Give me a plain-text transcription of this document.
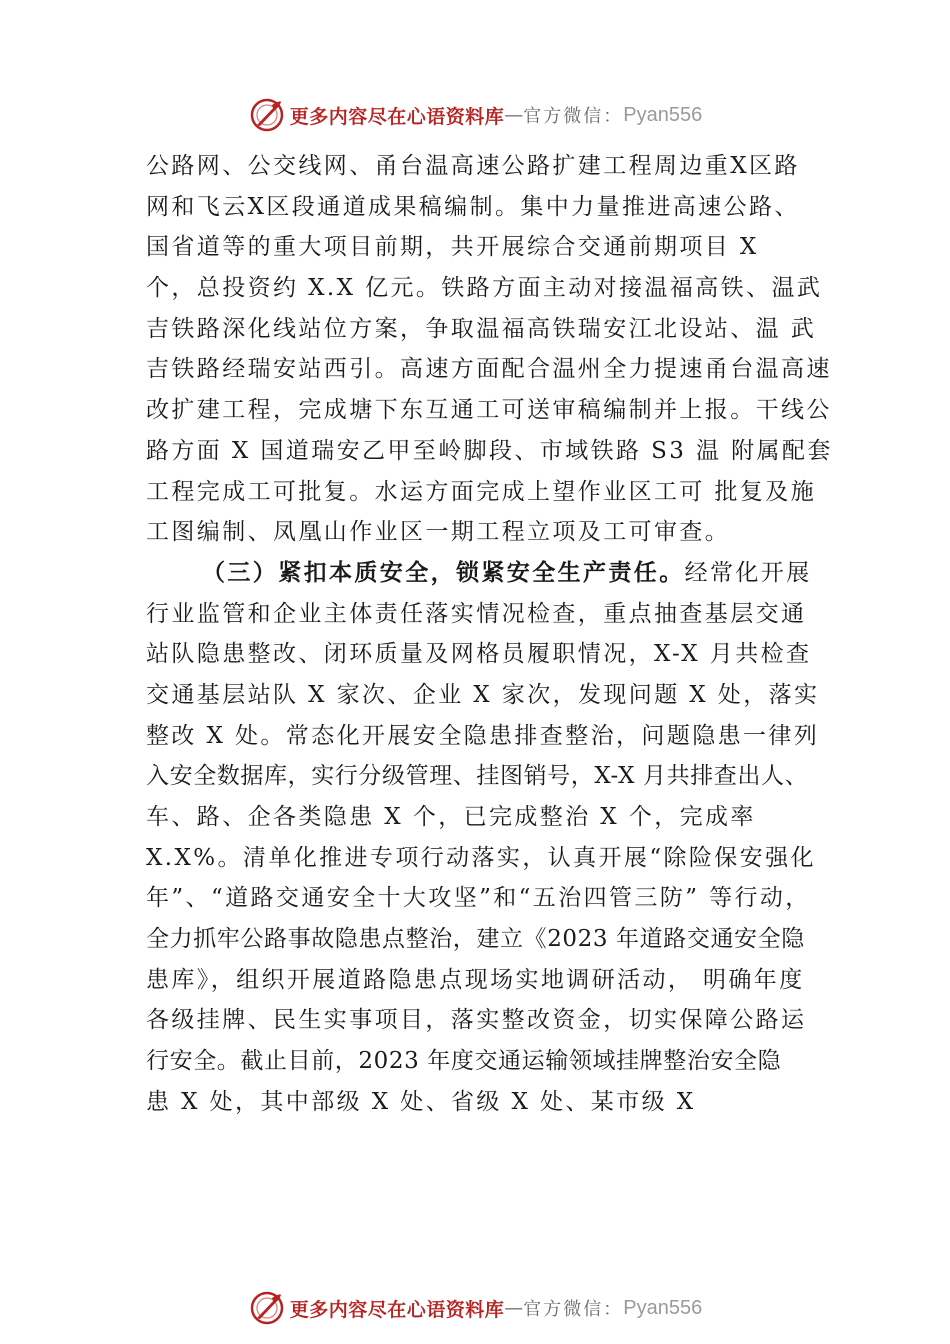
更多内容尽在心语资料库 — 官方微信： Pyan556
公路网、公交线网、甬台温高速公路扩建工程周边重Ⅹ区路
网和飞云Ⅹ区段通道成果稿编制。集中力量推进高速公路、
国省道等的重大项目前期，共开展综合交通前期项目 X
个，总投资约 X.X 亿元。铁路方面主动对接温福高铁、温武
吉铁路深化线站位方案，争取温福高铁瑞安江北设站、温 武
吉铁路经瑞安站西引。高速方面配合温州全力提速甬台温高速
改扩建工程，完成塘下东互通工可送审稿编制并上报。干线公
路方面 X 国道瑞安乙甲至岭脚段、市域铁路 S3 温 附属配套
工程完成工可批复。水运方面完成上望作业区工可 批复及施
工图编制、凤凰山作业区一期工程立项及工可审查。
（三）紧扣本质安全，锁紧安全生产责任。经常化开展
行业监管和企业主体责任落实情况检查，重点抽查基层交通
站队隐患整改、闭环质量及网格员履职情况，X-X 月共检查
交通基层站队 X 家次、企业 X 家次，发现问题 X 处，落实
整改 X 处。常态化开展安全隐患排查整治，问题隐患一律列
入安全数据库，实行分级管理、挂图销号，X-X 月共排查出人、
车、路、企各类隐患 X 个，已完成整治 X 个，完成率
X.X%。清单化推进专项行动落实，认真开展“除险保安强化
年”、“道路交通安全十大攻坚”和“五治四管三防” 等行动，
全力抓牢公路事故隐患点整治，建立《2023 年道路交通安全隐
患库》，组织开展道路隐患点现场实地调研活动， 明确年度
各级挂牌、民生实事项目，落实整改资金，切实保障公路运
行安全。截止目前，2023 年度交通运输领域挂牌整治安全隐
患 X 处，其中部级 X 处、省级 X 处、某市级 X
更多内容尽在心语资料库 — 官方微信： Pyan556
